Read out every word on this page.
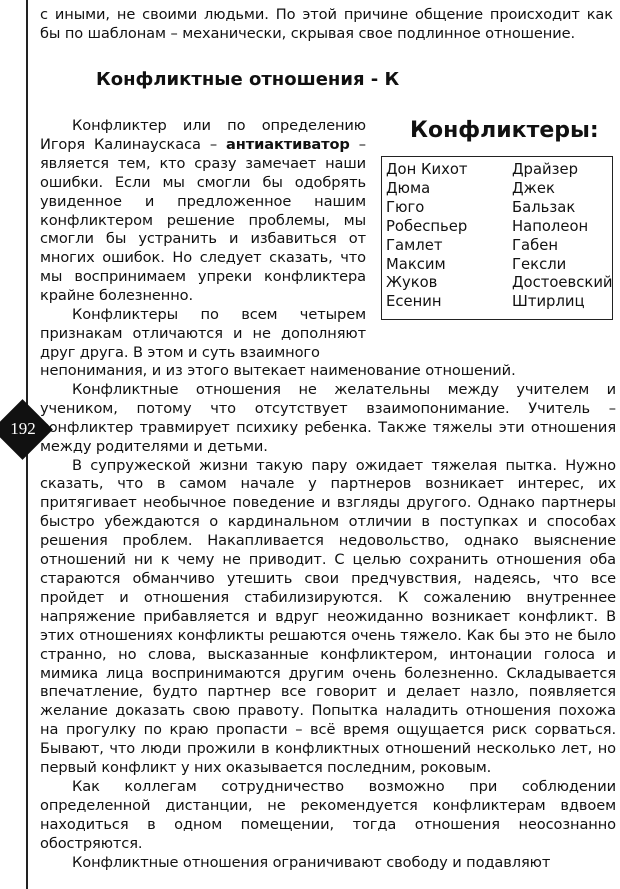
192

с иными, не своими людьми. По этой причине общение происходит как бы по шаблонам – механически, скрывая свое подлинное отношение.

Конфликтные отношения - К

Конфликтер или по определению Игоря Калинаускаса – антиактиватор – является тем, кто сразу замечает наши ошибки. Если мы смогли бы одобрять увиденное и предложенное нашим конфликтером решение проблемы, мы смогли бы устранить и избавиться от многих ошибок. Но следует сказать, что мы воспринимаем упреки конфликтера крайне болезненно.

Конфликтеры по всем четырем признакам отличаются и не дополняют друг друга. В этом и суть взаимного

Конфликтеры:
Дон Кихот
Дюма
Гюго
Робеспьер
Гамлет
Максим
Жуков
Есенин
Драйзер
Джек
Бальзак
Наполеон
Габен
Гексли
Достоевский
Штирлиц

непонимания, и из этого вытекает наименование отношений.

Конфликтные отношения не желательны между учителем и учеником, потому что отсутствует взаимопонимание. Учитель – конфликтер травмирует психику ребенка. Также тяжелы эти отношения между родителями и детьми.

В супружеской жизни такую пару ожидает тяжелая пытка. Нужно сказать, что в самом начале у партнеров возникает интерес, их притягивает необычное поведение и взгляды другого. Однако партнеры быстро убеждаются о кардинальном отличии в поступках и способах решения проблем. Накапливается недовольство, однако выяснение отношений ни к чему не приводит. С целью сохранить отношения оба стараются обманчиво утешить свои предчувствия, надеясь, что все пройдет и отношения стабилизируются. К сожалению внутреннее напряжение прибавляется и вдруг неожиданно возникает конфликт. В этих отношениях конфликты решаются очень тяжело. Как бы это не было странно, но слова, высказанные конфликтером, интонации голоса и мимика лица воспринимаются другим очень болезненно. Складывается впечатление, будто партнер все говорит и делает назло, появляется желание доказать свою правоту. Попытка наладить отношения похожа на прогулку по краю пропасти – всё время ощущается риск сорваться. Бывают, что люди прожили в конфликтных отношений несколько лет, но первый конфликт у них оказывается последним, роковым.

Как коллегам сотрудничество возможно при соблюдении определенной дистанции, не рекомендуется конфликтерам вдвоем находиться в одном помещении, тогда отношения неосознанно обостряются.

Конфликтные отношения ограничивают свободу и подавляют
